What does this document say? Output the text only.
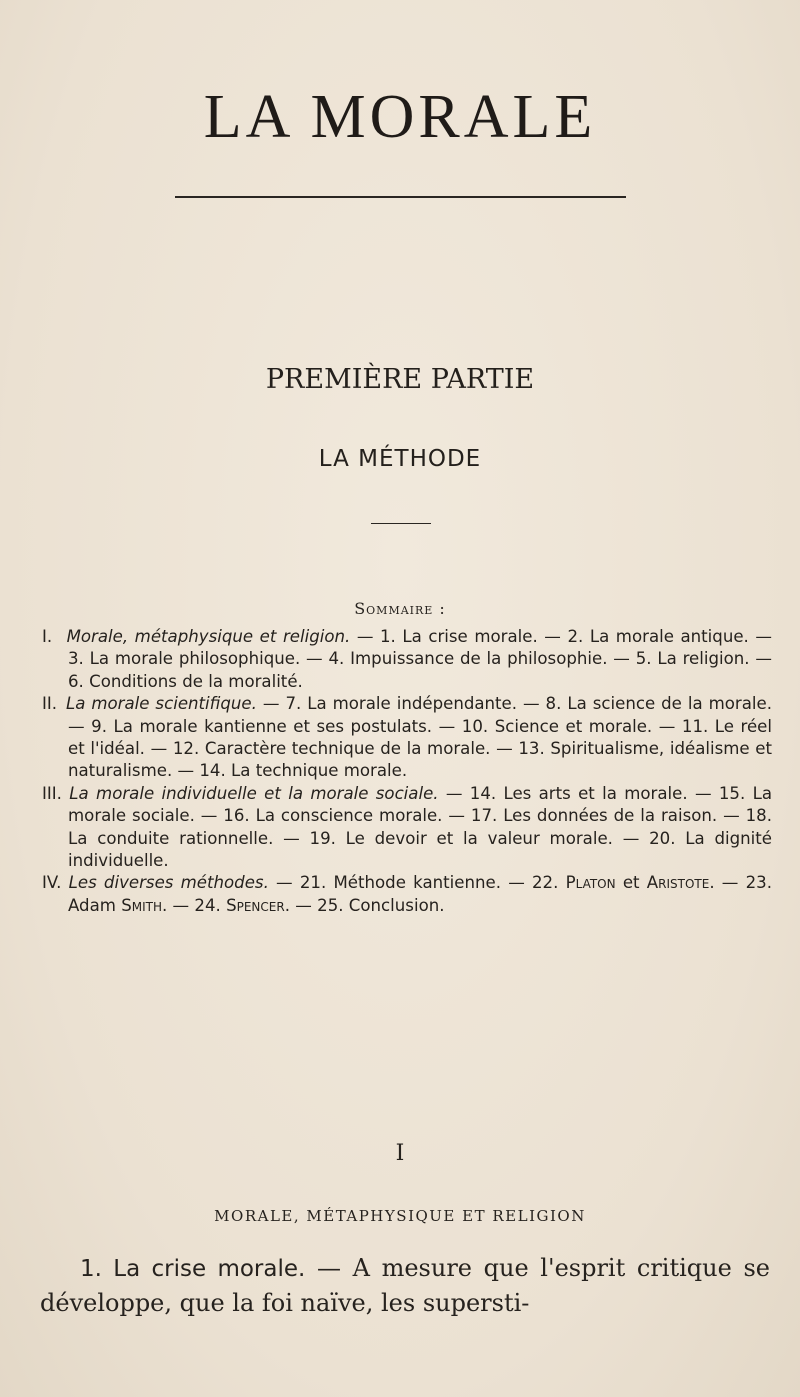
LA MORALE
PREMIÈRE PARTIE
LA MÉTHODE
Sommaire :

I. Morale, métaphysique et religion. — 1. La crise morale. — 2. La morale antique. — 3. La morale philosophique. — 4. Impuissance de la philosophie. — 5. La religion. — 6. Conditions de la moralité.

II. La morale scientifique. — 7. La morale indépendante. — 8. La science de la morale. — 9. La morale kantienne et ses postulats. — 10. Science et morale. — 11. Le réel et l'idéal. — 12. Caractère technique de la morale. — 13. Spiritualisme, idéalisme et naturalisme. — 14. La technique morale.

III. La morale individuelle et la morale sociale. — 14. Les arts et la morale. — 15. La morale sociale. — 16. La conscience morale. — 17. Les données de la raison. — 18. La conduite rationnelle. — 19. Le devoir et la valeur morale. — 20. La dignité individuelle.

IV. Les diverses méthodes. — 21. Méthode kantienne. — 22. Platon et Aristote. — 23. Adam Smith. — 24. Spencer. — 25. Conclusion.

I
MORALE, MÉTAPHYSIQUE ET RELIGION

1. La crise morale. — A mesure que l'esprit critique se développe, que la foi naïve, les supersti-
